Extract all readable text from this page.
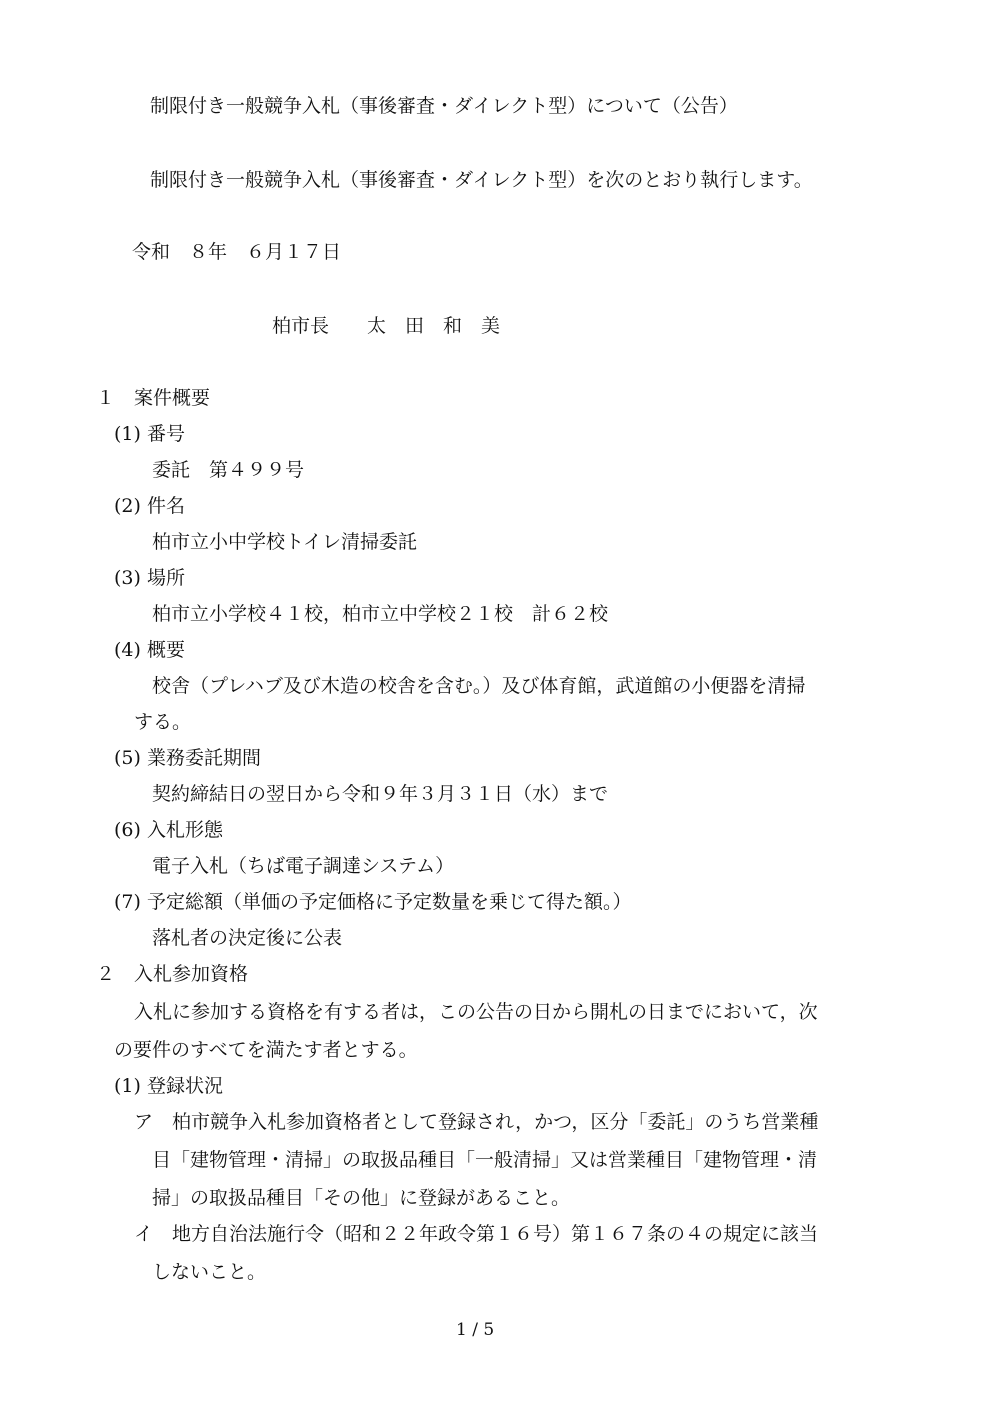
制限付き一般競争入札（事後審査・ダイレクト型）について（公告）
制限付き一般競争入札（事後審査・ダイレクト型）を次のとおり執行します。
令和　８年　６月１７日
柏市長　　太　田　和　美
１　案件概要
(1) 番号
委託　第４９９号
(2) 件名
柏市立小中学校トイレ清掃委託
(3) 場所
柏市立小学校４１校，柏市立中学校２１校　計６２校
(4) 概要
校舎（プレハブ及び木造の校舎を含む。）及び体育館，武道館の小便器を清掃
する。
(5) 業務委託期間
契約締結日の翌日から令和９年３月３１日（水）まで
(6) 入札形態
電子入札（ちば電子調達システム）
(7) 予定総額（単価の予定価格に予定数量を乗じて得た額。）
落札者の決定後に公表
２　入札参加資格
入札に参加する資格を有する者は，この公告の日から開札の日までにおいて，次
の要件のすべてを満たす者とする。
(1) 登録状況
ア　柏市競争入札参加資格者として登録され，かつ，区分「委託」のうち営業種
目「建物管理・清掃」の取扱品種目「一般清掃」又は営業種目「建物管理・清
掃」の取扱品種目「その他」に登録があること。
イ　地方自治法施行令（昭和２２年政令第１６号）第１６７条の４の規定に該当
しないこと。
1 / 5
